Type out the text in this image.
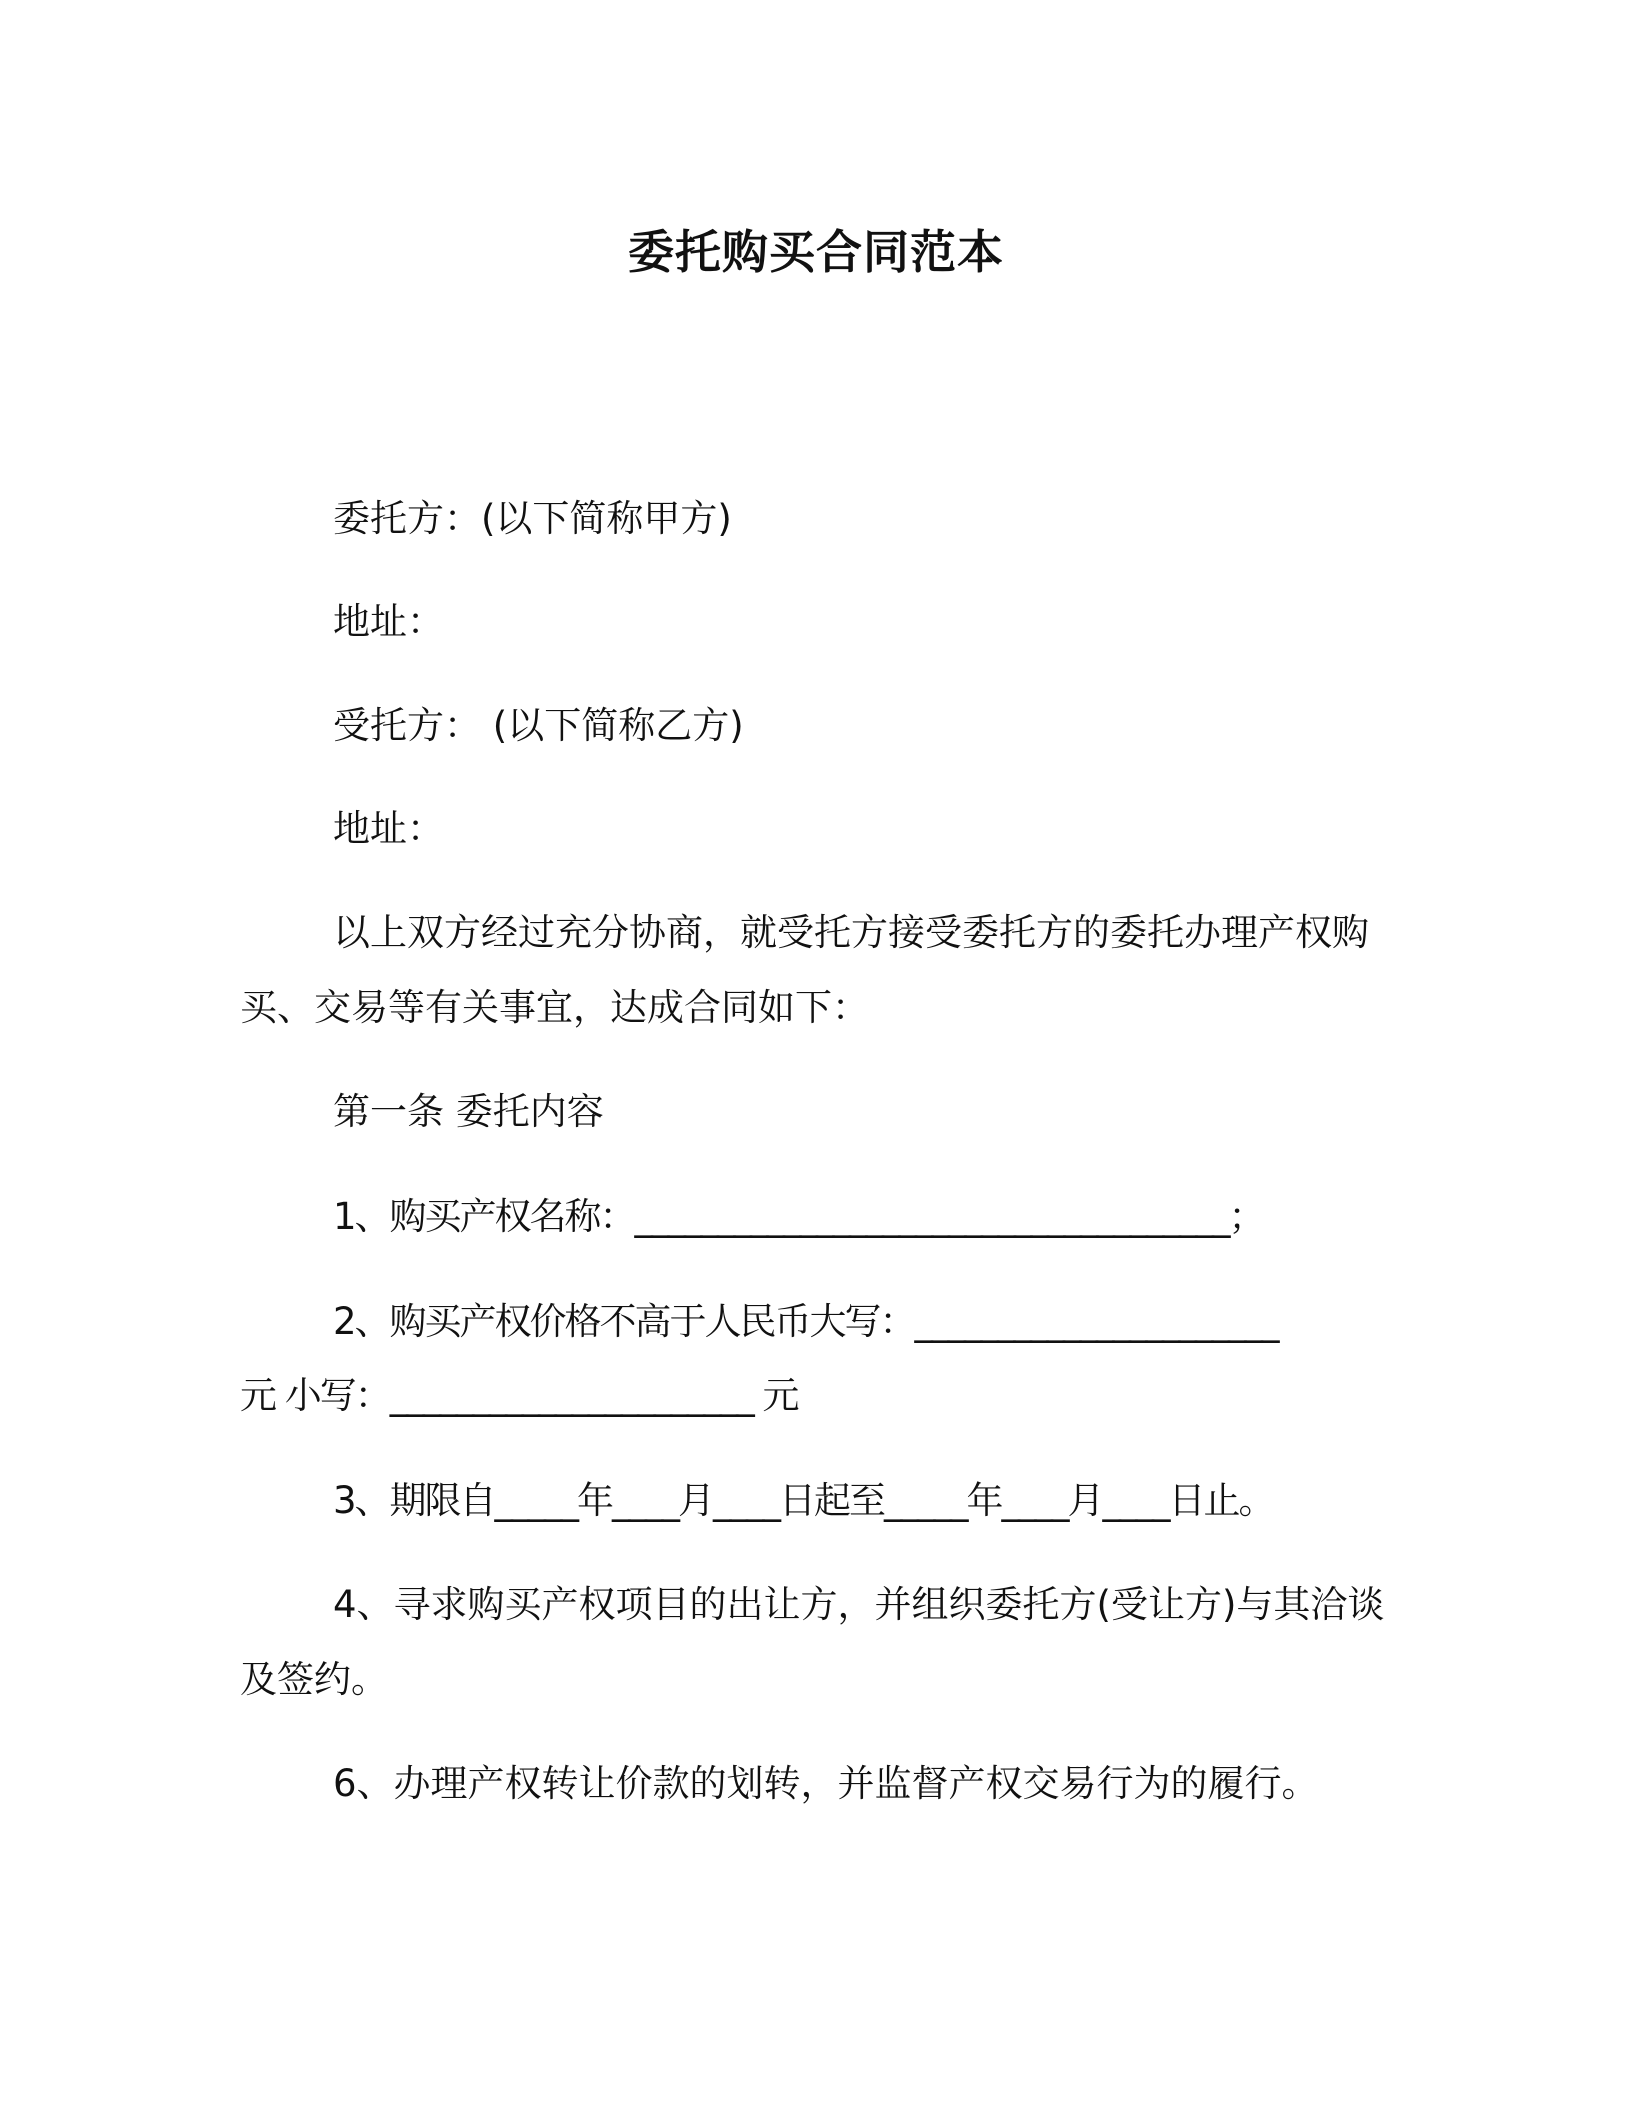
委托购买合同范本
委托方：(以下简称甲方)
地址：
受托方： (以下简称乙方)
地址：
以上双方经过充分协商，就受托方接受委托方的委托办理产权购
买、交易等有关事宜，达成合同如下：
第一条 委托内容
1、购买产权名称：____________________________________；
2、购买产权价格不高于人民币大写：______________________
元 小写：______________________ 元
3、期限自_____年____月____日起至_____年____月____日止。
4、寻求购买产权项目的出让方，并组织委托方(受让方)与其洽谈
及签约。
6、办理产权转让价款的划转，并监督产权交易行为的履行。
